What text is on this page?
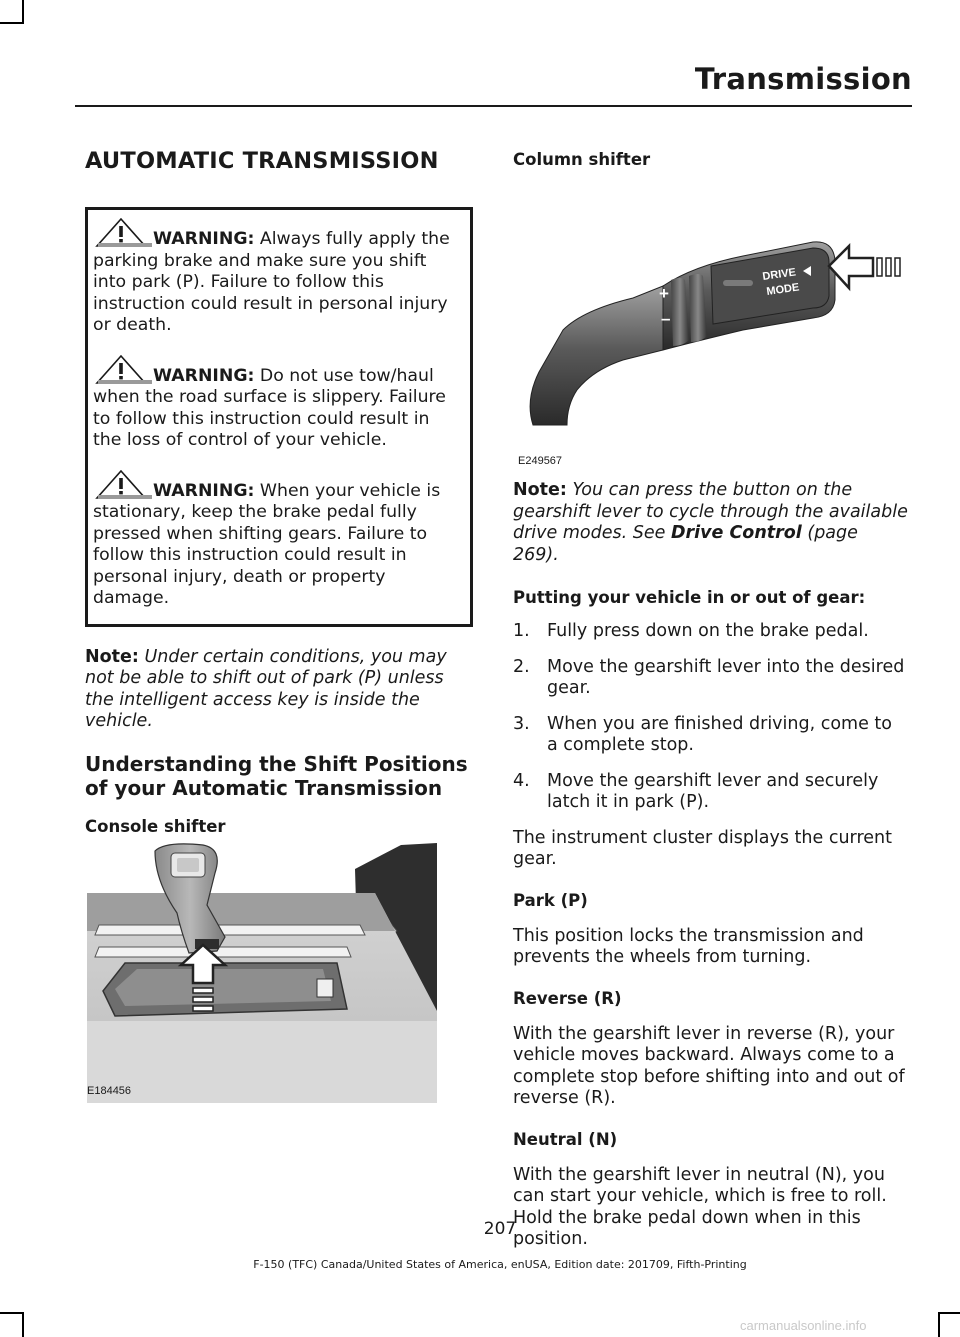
Transmission
AUTOMATIC TRANSMISSION
WARNING: Always fully apply the parking brake and make sure you shift into park (P). Failure to follow this instruction could result in personal injury or death.
WARNING: Do not use tow/haul when the road surface is slippery. Failure to follow this instruction could result in the loss of control of your vehicle.
WARNING: When your vehicle is stationary, keep the brake pedal fully pressed when shifting gears. Failure to follow this instruction could result in personal injury, death or property damage.

Note: Under certain conditions, you may not be able to shift out of park (P) unless the intelligent access key is inside the vehicle.

Understanding the Shift Positions of your Automatic Transmission
Console shifter
E184456
Column shifter
+
–
DRIVE
MODE
E249567

Note: You can press the button on the gearshift lever to cycle through the available drive modes. See Drive Control (page 269).

Putting your vehicle in or out of gear:
1. Fully press down on the brake pedal.
2. Move the gearshift lever into the desired gear.
3. When you are finished driving, come to a complete stop.
4. Move the gearshift lever and securely latch it in park (P).

The instrument cluster displays the current gear.

Park (P)

This position locks the transmission and prevents the wheels from turning.

Reverse (R)

With the gearshift lever in reverse (R), your vehicle moves backward. Always come to a complete stop before shifting into and out of reverse (R).

Neutral (N)

With the gearshift lever in neutral (N), you can start your vehicle, which is free to roll. Hold the brake pedal down when in this position.

207
F-150 (TFC) Canada/United States of America, enUSA, Edition date: 201709, Fifth-Printing
carmanualsonline.info
